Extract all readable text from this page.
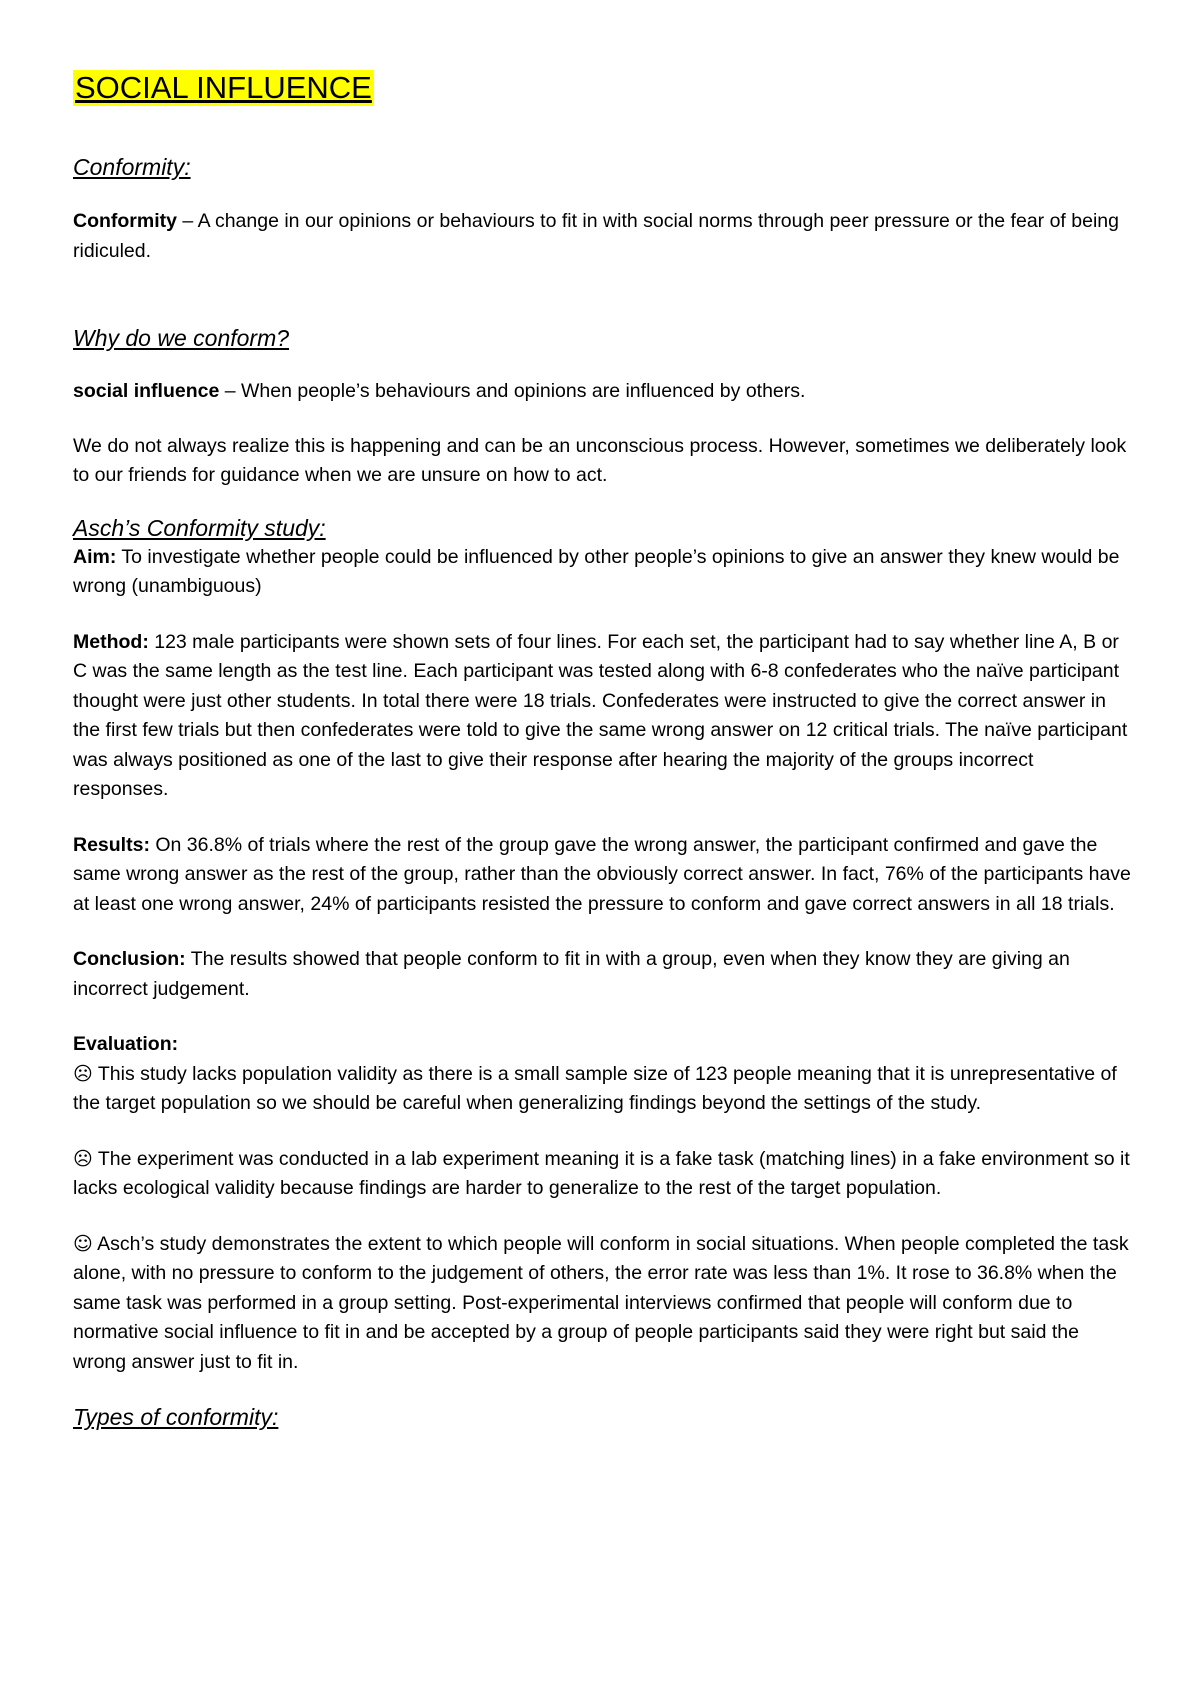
SOCIAL INFLUENCE
Conformity:

Conformity – A change in our opinions or behaviours to fit in with social norms through peer pressure or the fear of being ridiculed.

Why do we conform?

social influence – When people’s behaviours and opinions are influenced by others.

We do not always realize this is happening and can be an unconscious process. However, sometimes we deliberately look to our friends for guidance when we are unsure on how to act.

Asch’s Conformity study:

Aim: To investigate whether people could be influenced by other people’s opinions to give an answer they knew would be wrong (unambiguous)

Method: 123 male participants were shown sets of four lines. For each set, the participant had to say whether line A, B or C was the same length as the test line. Each participant was tested along with 6-8 confederates who the naïve participant thought were just other students. In total there were 18 trials. Confederates were instructed to give the correct answer in the first few trials but then confederates were told to give the same wrong answer on 12 critical trials. The naïve participant was always positioned as one of the last to give their response after hearing the majority of the groups incorrect responses.

Results: On 36.8% of trials where the rest of the group gave the wrong answer, the participant confirmed and gave the same wrong answer as the rest of the group, rather than the obviously correct answer. In fact, 76% of the participants have at least one wrong answer, 24% of participants resisted the pressure to conform and gave correct answers in all 18 trials.

Conclusion: The results showed that people conform to fit in with a group, even when they know they are giving an incorrect judgement.

Evaluation:

☹ This study lacks population validity as there is a small sample size of 123 people meaning that it is unrepresentative of the target population so we should be careful when generalizing findings beyond the settings of the study.

☹ The experiment was conducted in a lab experiment meaning it is a fake task (matching lines) in a fake environment so it lacks ecological validity because findings are harder to generalize to the rest of the target population.

☺ Asch’s study demonstrates the extent to which people will conform in social situations. When people completed the task alone, with no pressure to conform to the judgement of others, the error rate was less than 1%. It rose to 36.8% when the same task was performed in a group setting. Post-experimental interviews confirmed that people will conform due to normative social influence to fit in and be accepted by a group of people participants said they were right but said the wrong answer just to fit in.

Types of conformity:
